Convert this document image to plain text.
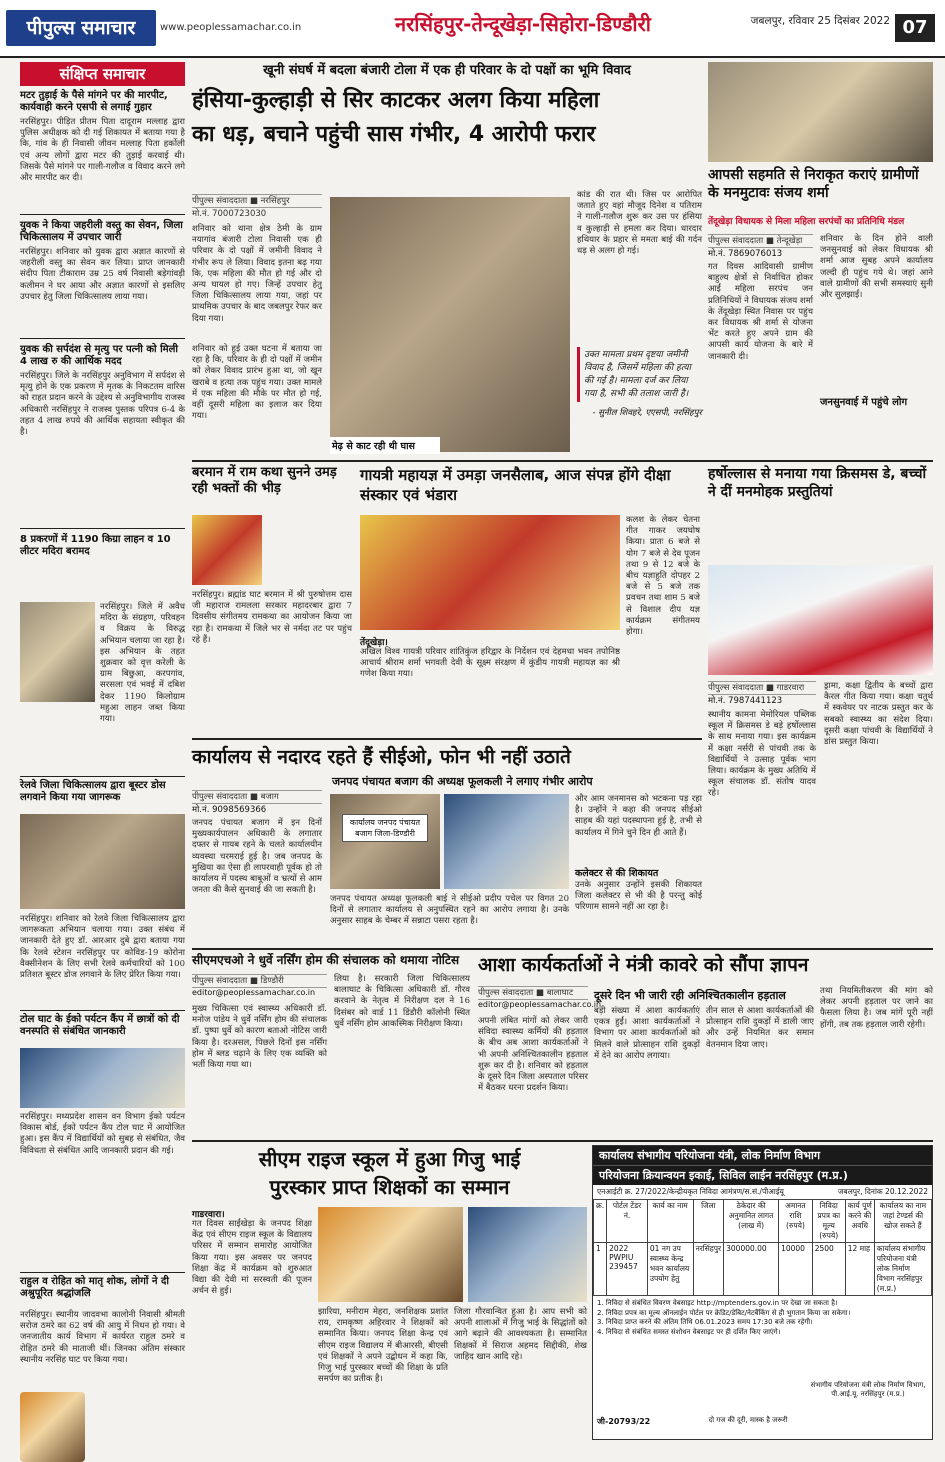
पीपुल्स समाचार	www.peoplessamachar.co.in	नरसिंहपुर-तेन्दूखेड़ा-सिहोरा-डिण्डौरी	जबलपुर, रविवार 25 दिसंबर 2022 07
संक्षिप्त समाचार
मटर तुड़ाई के पैसे मांगने पर की मारपीट, कार्यवाही करने एसपी से लगाई गुहार
नरसिंहपुर। पीड़ित प्रीतम पिता दादूराम मल्लाह द्वारा पुलिस अधीक्षक को दी गई शिकायत में बताया गया है कि, गांव के ही निवासी जीवन मल्लाह पिता हर्कोली एवं अन्य लोगों द्वारा मटर की तुड़ाई करवाई थी। जिसके पैसे मांगने पर गाली-गलौज व विवाद करने लगे और मारपीट कर दी।
युवक ने किया जहरीली वस्तु का सेवन, जिला चिकित्सालय में उपचार जारी
नरसिंहपुर। शनिवार को युवक द्वारा अज्ञात कारणों से जहरीली वस्तु का सेवन कर लिया। प्राप्त जानकारी संदीप पिता टीकाराम उम्र 25 वर्ष निवासी बड़ेगांवड़ी कलीमन ने घर आया और अज्ञात कारणों से इसलिए उपचार हेतु जिला चिकित्सालय लाया गया।
युवक की सर्पदंश से मृत्यु पर पत्नी को मिली 4 लाख रु की आर्थिक मदद
नरसिंहपुर। जिले के नरसिंहपुर अनुविभाग में सर्पदंश से मृत्यु होने के एक प्रकरण में मृतक के निकटतम वारिस को राहत प्रदान करने के उद्देश्य से अनुविभागीय राजस्व अधिकारी नरसिंहपुर ने राजस्व पुस्तक परिपत्र 6-4 के तहत 4 लाख रुपये की आर्थिक सहायता स्वीकृत की है।
8 प्रकरणों में 1190 किग्रा लाहन व 10 लीटर मदिरा बरामद
नरसिंहपुर। जिले में अवैध मदिरा के संग्रहण, परिवहन व विक्रय के विरुद्ध अभियान चलाया जा रहा है। इस अभियान के तहत शुक्रवार को वृत्त करेली के ग्राम बिछुआ, करपगांव, सरसला एवं भवई में दबिश देकर 1190 किलोग्राम महुआ लाहन जब्त किया गया।
रेलवे जिला चिकित्सालय द्वारा बूस्टर डोस लगवाने किया गया जागरूक
नरसिंहपुर। शनिवार को रेलवे जिला चिकित्सालय द्वारा जागरूकता अभियान चलाया गया। उक्त संबंध में जानकारी देते हुए डॉ. आरआर दुबे द्वारा बताया गया कि रेलवे स्टेशन नरसिंहपुर पर कोविड-19 कोरोना वैक्सीनेशन के लिए सभी रेलवे कर्मचारियों को 100 प्रतिशत बूस्टर डोज लगवाने के लिए प्रेरित किया गया।
टोल घाट के ईको पर्यटन कैंप में छात्रों को दी वनस्पति से संबंधित जानकारी
नरसिंहपुर। मध्यप्रदेश शासन वन विभाग ईको पर्यटन विकास बोर्ड, ईको पर्यटन कैंप टोल घाट में आयोजित हुआ। इस कैंप में विद्यार्थियों को सुबह से संबंधित, जैव विविधता से संबंधित आदि जानकारी प्रदान की गई।
राहुल व रोहित को मातृ शोक, लोगों ने दी अश्रुपूरित श्रद्धांजलि
नरसिंहपुर। स्थानीय जादवभा कालोनी निवासी श्रीमती सरोज ठमरे का 62 वर्ष की आयु में निधन हो गया। वे जनजातीय कार्य विभाग में कार्यरत राहुल ठमरे व रोहित ठमरे की माताजी थीं। जिनका अंतिम संस्कार स्थानीय नरसिंह घाट पर किया गया।
खूनी संघर्ष में बदला बंजारी टोला में एक ही परिवार के दो पक्षों का भूमि विवाद
हंसिया-कुल्हाड़ी से सिर काटकर अलग किया महिला
का धड़, बचाने पहुंची सास गंभीर, 4 आरोपी फरार
पीपुल्स संवाददाता ■ नरसिंहपुर
मो.नं. 7000723030
शनिवार को थाना क्षेत्र ठेमी के ग्राम नयागांव बंजारी टोला निवासी एक ही परिवार के दो पक्षों में जमीनी विवाद ने गंभीर रूप ले लिया। विवाद इतना बढ़ गया कि, एक महिला की मौत हो गई और दो अन्य घायल हो गए। जिन्हें उपचार हेतु जिला चिकित्सालय लाया गया, जहां पर प्राथमिक उपचार के बाद जबलपुर रेफर कर दिया गया।
शनिवार को हुई उक्त घटना में बताया जा रहा है कि, परिवार के ही दो पक्षों में जमीन को लेकर विवाद प्रारंभ हुआ था, जो खून खराबे व हत्या तक पहुंच गया। उक्त मामले में एक महिला की मौके पर मौत हो गई, वहीं दूसरी महिला का इलाज कर दिया गया।
मेढ़ से काट रही थी घास
कांड की रात थी। जिस पर आरोपित जताते हुए वहां मौजूद दिनेश व पतिराम ने गाली-गलौज शुरू कर उस पर हंसिया व कुल्हाड़ी से हमला कर दिया। धारदार हथियार के प्रहार से ममता बाई की गर्दन धड़ से अलग हो गई।
उक्त मामला प्रथम दृष्टया जमीनी विवाद है, जिसमें महिला की हत्या की गई है। मामला दर्ज कर लिया गया है, सभी की तलाश जारी है।
- सुनील शिवहरे, एएसपी, नरसिंहपुर
आपसी सहमति से निराकृत कराएं ग्रामीणों के मनमुटावः संजय शर्मा
तेंदूखेड़ा विधायक से मिला महिला सरपंचों का प्रतिनिधि मंडल
पीपुल्स संवाददाता ■ तेन्दूखेड़ा
मो.नं. 7869076013
गत दिवस आदिवासी ग्रामीण बाहुल्य क्षेत्रों से निर्वाचित होकर आईं महिला सरपंच जन प्रतिनिधियों ने विधायक संजय शर्मा के तेंदूखेड़ा स्थित निवास पर पहुंच कर विधायक श्री शर्मा से योजना भेंट करते हुए अपने ग्राम की आपसी कार्य योजना के बारे में जानकारी दी।
जनसुनवाई में पहुंचे लोग
शनिवार के दिन होने वाली जनसुनवाई को लेकर विधायक श्री शर्मा आज सुबह अपने कार्यालय जल्दी ही पहुंच गये थे। जहां आने वाले ग्रामीणों की सभी समस्याएं सुनी और सुलझाईं।
बरमान में राम कथा सुनने उमड़ रही भक्तों की भीड़
नरसिंहपुर। ब्रह्मांड घाट बरमान में श्री पुरुषोत्तम दास जी महाराज रामलला सरकार महादरबार द्वारा 7 दिवसीय संगीतमय रामकथा का आयोजन किया जा रहा है। रामकथा में जिले भर से नर्मदा तट पर पहुंच रहे हैं।
गायत्री महायज्ञ में उमड़ा जनसैलाब, आज संपन्न होंगे दीक्षा संस्कार एवं भंडारा
तेंदूखेड़ा।
अखिल विश्व गायत्री परिवार शांतिकुंज हरिद्वार के निर्देशन एवं देहमधा भवन तपोनिष्ठ आचार्य श्रीराम शर्मा भगवती देवी के सूक्ष्म संरक्षण में कुंडीय गायत्री महायज्ञ का श्री गणेश किया गया।
कलश के लेकर चेतना गीत गाकर जयघोष किया। प्रातः 6 बजे से योग 7 बजे से देव पूजन तथा 9 से 12 बजे के बीच यज्ञाहुति दोपहर 2 बजे से 5 बजे तक प्रवचन तथा शाम 5 बजे से विशाल दीप यज्ञ कार्यक्रम संगीतमय होगा।
हर्षोल्लास से मनाया गया क्रिसमस डे, बच्चों ने दीं मनमोहक प्रस्तुतियां
पीपुल्स संवाददाता ■ गाडरवारा
मो.नं. 7987441123
स्थानीय कामना मेमोरियल पब्लिक स्कूल में क्रिसमस डे बड़े हर्षोल्लास के साथ मनाया गया। इस कार्यक्रम में कक्षा नर्सरी से पांचवी तक के विद्यार्थियों ने उत्साह पूर्वक भाग लिया। कार्यक्रम के मुख्य अतिथि में स्कूल संचालक डॉ. संतोष यादव रहे।
ड्रामा, कक्षा द्वितीय के बच्चों द्वारा कैरल गीत किया गया। कक्षा चतुर्थ में स्कवेयर पर नाटक प्रस्तुत कर के सबको स्वास्थ्य का संदेश दिया। दूसरी कक्षा पांचवी के विद्यार्थियों ने डांस प्रस्तुत किया।
कार्यालय से नदारद रहते हैं सीईओ, फोन भी नहीं उठाते
जनपद पंचायत बजाग की अध्यक्ष फूलकली ने लगाए गंभीर आरोप
पीपुल्स संवाददाता ■ बजाग
मो.नं. 9098569366
जनपद पंचायत बजाग में इन दिनों मुख्यकार्यपालन अधिकारी के लगातार दफ्तर से गायब रहने के चलते कार्यालयीन व्यवस्था चरमराई हुई है। जब जनपद के मुखिया का ऐसा ही लापरवाही पूर्वक हो तो कार्यालय में पदस्थ बाबूओं व भ्रत्यों से आम जनता की कैसे सुनवाई की जा सकती है।
कार्यालय जनपद पंचायत बजाग जिला-डिण्डौरी
जनपद पंचायत अध्यक्ष फूलकली बाई ने सीईओ प्रदीप पचेल पर विगत 20 दिनों से लगातार कार्यालय से अनुपस्थित रहने का आरोप लगाया है। उनके अनुसार साहब के चेम्बर में सन्नाटा पसरा रहता है।
और आम जनमानस को भटकना पड़ रहा है। उन्होंने ने कहा की जनपद सीईओ साहब की यहां पदस्थापना हुई है, तभी से कार्यालय में गिने चुने दिन ही आते हैं।
कलेक्टर से की शिकायत
उनके अनुसार उन्होंने इसकी शिकायत जिला कलेक्टर से भी की है परन्तु कोई परिणाम सामने नहीं आ रहा है।
सीएमएचओ ने धुर्वे नर्सिंग होम की संचालक को थमाया नोटिस
पीपुल्स संवाददाता ■ डिण्डौरी
editor@peoplessamachar.co.in
मुख्य चिकित्सा एवं स्वास्थ्य अधिकारी डॉ. मनोज पांडेय ने धुर्वे नर्सिंग होम की संचालक डॉ. पुष्पा धुर्वे को कारण बताओ नोटिस जारी किया है। दरअसल, पिछले दिनों इस नर्सिंग होम में ब्लड चढ़ाने के लिए एक व्यक्ति को भर्ती किया गया था।
लिया है। सरकारी जिला चिकित्सालय बालाघाट के चिकित्सा अधिकारी डॉ. गौरव करवाने के नेतृत्व में निरीक्षण दल ने 16 दिसंबर को वार्ड 11 डिंडौरी कॉलोनी स्थित धुर्वे नर्सिंग होम आकस्मिक निरीक्षण किया।
आशा कार्यकर्ताओं ने मंत्री कावरे को सौंपा ज्ञापन
पीपुल्स संवाददाता ■ बालाघाट
editor@peoplessamachar.co.in
अपनी लंबित मांगों को लेकर जारी संविदा स्वास्थ्य कर्मियों की हड़ताल के बीच अब आशा कार्यकर्ताओं ने भी अपनी अनिश्चितकालीन हड़ताल शुरू कर दी है। शनिवार को हड़ताल के दूसरे दिन जिला अस्पताल परिसर में बैठकर धरना प्रदर्शन किया।
दूसरे दिन भी जारी रही अनिश्चितकालीन हड़ताल
बड़ी संख्या में आशा कार्यकर्ताएं एकत्र हुईं। आशा कार्यकर्ताओं ने विभाग पर आशा कार्यकर्ताओं को मिलने वाले प्रोत्साहन राशि दुकड़ों में देने का आरोप लगाया।
तीन साल से आशा कार्यकर्ताओं की प्रोत्साहन राशि दुकड़ों में डाली जाए और उन्हें नियमित कर समान वेतनमान दिया जाए।
तथा नियमितीकरण की मांग को लेकर अपनी हड़ताल पर जाने का फैसला लिया है। जब मांगें पूरी नहीं होंगी, तब तक हड़ताल जारी रहेगी।
सीएम राइज स्कूल में हुआ गिजु भाई
पुरस्कार प्राप्त शिक्षकों का सम्मान
गाडरवारा।
गत दिवस साईंखेड़ा के जनपद शिक्षा केंद्र एवं सीएम राइज स्कूल के विद्यालय परिसर में सम्मान समारोह आयोजित किया गया। इस अवसर पर जनपद शिक्षा केंद्र में कार्यक्रम को शुरुआत विद्या की देवी मां सरस्वती की पूजन अर्चन से हुई।
झारिया, मनीराम मेहरा, जनशिक्षक प्रशांत राय, रामकृष्ण अहिरवार ने शिक्षकों को सम्मानित किया। जनपद शिक्षा केन्द्र एवं सीएम राइज विद्यालय में बीआरसी, बीएसी एवं शिक्षकों ने अपने उद्बोधन में कहा कि, गिजु भाई पुरस्कार बच्चों की शिक्षा के प्रति समर्पण का प्रतीक है।
जिला गौरवान्वित हुआ है। आप सभी को अपनी शालाओं में गिजु भाई के सिद्धांतों को आगे बढ़ाने की आवश्यकता है। सम्मानित शिक्षकों में सिराज अहमद सिद्दीकी, शेख जाहिद खान आदि रहे।
कार्यालय संभागीय परियोजना यंत्री, लोक निर्माण विभाग
परियोजना क्रियान्वयन इकाई, सिविल लाईन नरसिंहपुर (म.प्र.)
एनआईटी क्र. 27/2022/केन्द्रीयकृत निविदा आमंत्रण/स.सं./पीआईयू	जबलपुर, दिनांक 20.12.2022
क्र.	पोर्टल टेंडर नं.	कार्य का नाम	जिला	ठेकेदार की अनुमानित लागत (लाख में)	अमानत राशि (रुपये)	निविदा प्रपत्र का मूल्य (रुपये)	कार्य पूर्ण करने की अवधि	कार्यालय का नाम जहां टेण्डर्स की खोज सकते हैं
1	2022 PWPIU 239457	01 नग उप स्वास्थ्य केन्द्र भवन कार्यालय उपयोग हेतु	नरसिंहपुर	300000.00	10000	2500	12 माह	कार्यालय संभागीय परियोजना यंत्री लोक निर्माण विभाग नरसिंहपुर (म.प्र.)
1. निविदा से संबंधित विवरण वेबसाइट http://mptenders.gov.in पर देखा जा सकता है।
2. निविदा प्रपत्र का मूल्य ऑनलाईन पोर्टल पर क्रेडिट/डेबिट/नेटबैंकिंग से ही भुगतान किया जा सकेगा।
3. निविदा प्राप्त करने की अंतिम तिथि 06.01.2023 समय 17:30 बजे तक रहेगी।
4. निविदा से संबंधित समस्त संशोधन वेबसाइट पर ही दर्शित किए जाएंगे।
जी-20793/22	दो गज की दूरी, मास्क है जरूरी
संभागीय परियोजना यंत्री लोक निर्माण विभाग, पी.आई.यू. नरसिंहपुर (म.प्र.)
